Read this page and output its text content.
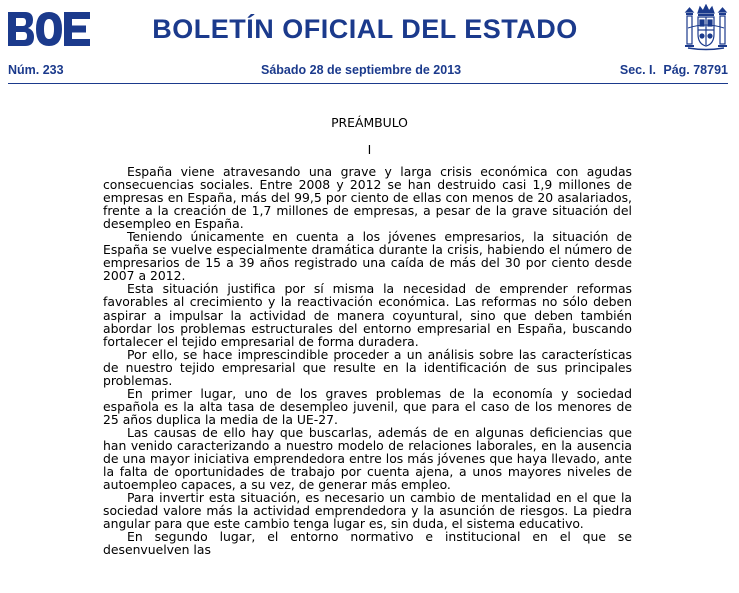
BOLETÍN OFICIAL DEL ESTADO
Núm. 233	Sábado 28 de septiembre de 2013	Sec. I. Pág. 78791
PREÁMBULO
I

España viene atravesando una grave y larga crisis económica con agudas consecuencias sociales. Entre 2008 y 2012 se han destruido casi 1,9 millones de empresas en España, más del 99,5 por ciento de ellas con menos de 20 asalariados, frente a la creación de 1,7 millones de empresas, a pesar de la grave situación del desempleo en España.

Teniendo únicamente en cuenta a los jóvenes empresarios, la situación de España se vuelve especialmente dramática durante la crisis, habiendo el número de empresarios de 15 a 39 años registrado una caída de más del 30 por ciento desde 2007 a 2012.

Esta situación justifica por sí misma la necesidad de emprender reformas favorables al crecimiento y la reactivación económica. Las reformas no sólo deben aspirar a impulsar la actividad de manera coyuntural, sino que deben también abordar los problemas estructurales del entorno empresarial en España, buscando fortalecer el tejido empresarial de forma duradera.

Por ello, se hace imprescindible proceder a un análisis sobre las características de nuestro tejido empresarial que resulte en la identificación de sus principales problemas.

En primer lugar, uno de los graves problemas de la economía y sociedad española es la alta tasa de desempleo juvenil, que para el caso de los menores de 25 años duplica la media de la UE-27.

Las causas de ello hay que buscarlas, además de en algunas deficiencias que han venido caracterizando a nuestro modelo de relaciones laborales, en la ausencia de una mayor iniciativa emprendedora entre los más jóvenes que haya llevado, ante la falta de oportunidades de trabajo por cuenta ajena, a unos mayores niveles de autoempleo capaces, a su vez, de generar más empleo.

Para invertir esta situación, es necesario un cambio de mentalidad en el que la sociedad valore más la actividad emprendedora y la asunción de riesgos. La piedra angular para que este cambio tenga lugar es, sin duda, el sistema educativo.

En segundo lugar, el entorno normativo e institucional en el que se desenvuelven las
